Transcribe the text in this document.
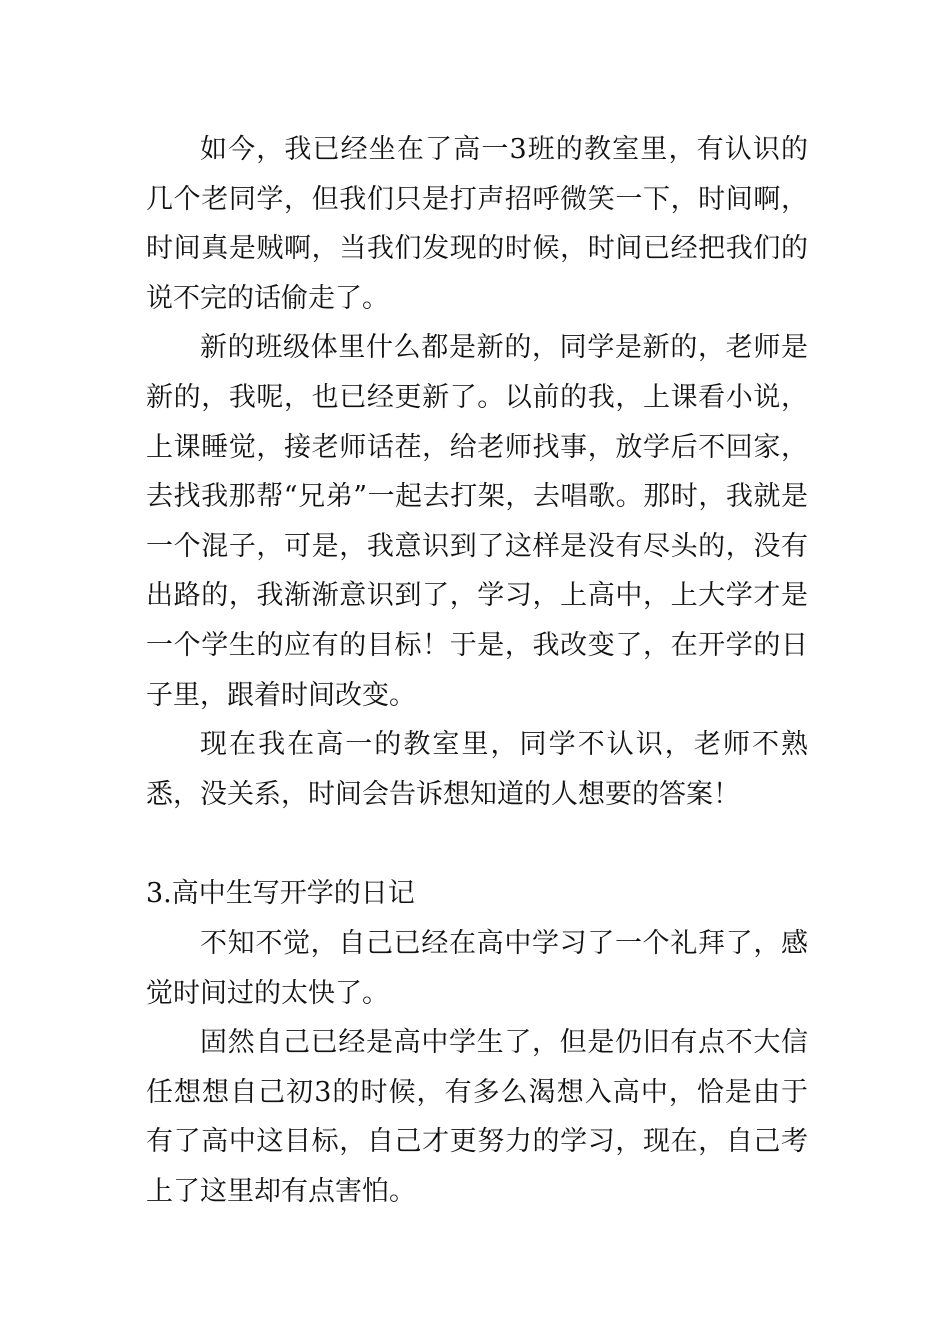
如今，我已经坐在了高一3班的教室里，有认识的几个老同学，但我们只是打声招呼微笑一下，时间啊，时间真是贼啊，当我们发现的时候，时间已经把我们的说不完的话偷走了。

新的班级体里什么都是新的，同学是新的，老师是新的，我呢，也已经更新了。以前的我，上课看小说，上课睡觉，接老师话茬，给老师找事，放学后不回家，去找我那帮“兄弟”一起去打架，去唱歌。那时，我就是一个混子，可是，我意识到了这样是没有尽头的，没有出路的，我渐渐意识到了，学习，上高中，上大学才是一个学生的应有的目标！于是，我改变了，在开学的日子里，跟着时间改变。

现在我在高一的教室里，同学不认识，老师不熟悉，没关系，时间会告诉想知道的人想要的答案！

3.高中生写开学的日记

不知不觉，自己已经在高中学习了一个礼拜了，感觉时间过的太快了。

固然自己已经是高中学生了，但是仍旧有点不大信任想想自己初3的时候，有多么渴想入高中，恰是由于有了高中这目标，自己才更努力的学习，现在，自己考上了这里却有点害怕。
